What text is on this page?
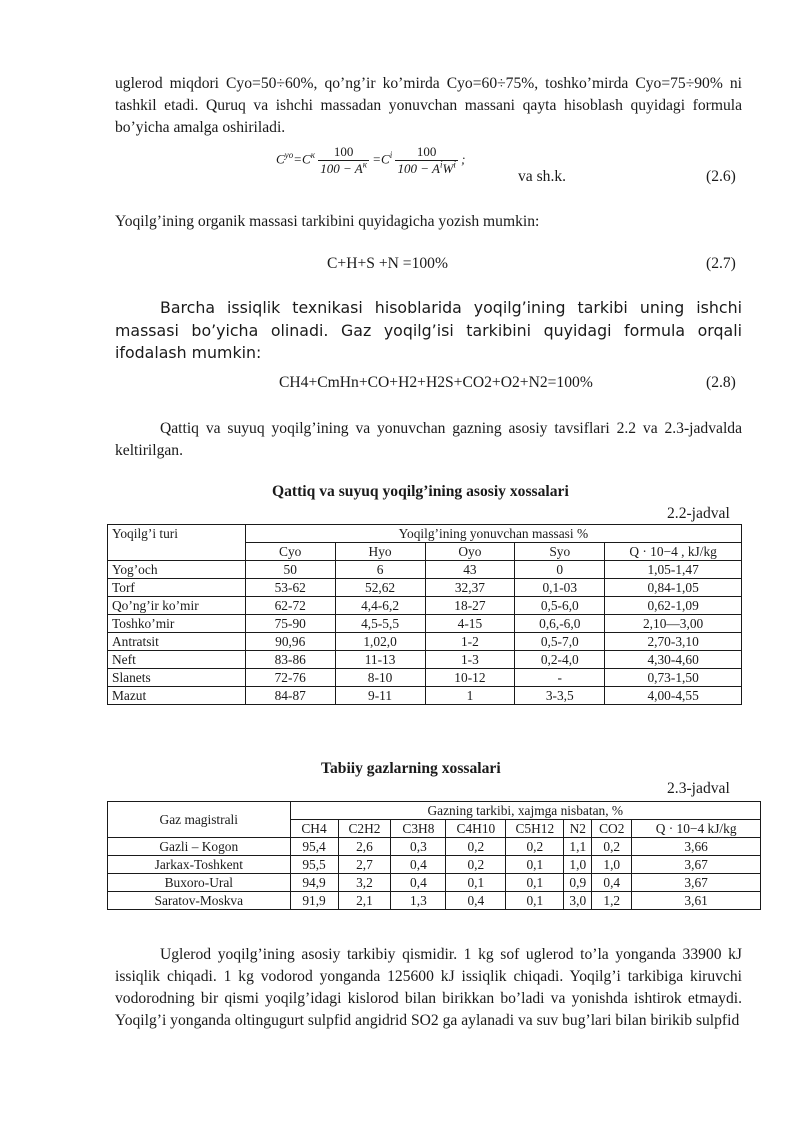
uglerod miqdori Cyo=50÷60%, qo’ng’ir ko’mirda Cyo=60÷75%, toshko’mirda Cyo=75÷90% ni tashkil etadi. Quruq va ishchi massadan yonuvchan massani qayta hisoblash quyidagi formula bo’yicha amalga oshiriladi.

$C^{yo}=C^к \frac{100}{100 - A^к} =C^i \frac{100}{100 - A^iW^i}$ ;
va sh.k.	(2.6)

Yoqilg’ining organik massasi tarkibini quyidagicha yozish mumkin:

C+H+S +N =100%	(2.7)

Barcha issiqlik texnikasi hisoblarida yoqilg’ining tarkibi uning ishchi massasi bo’yicha olinadi. Gaz yoqilg’isi tarkibini quyidagi formula orqali ifodalash mumkin:

CH4+CmHn+CO+H2+H2S+CO2+O2+N2=100%	(2.8)

Qattiq va suyuq yoqilg’ining va yonuvchan gazning asosiy tavsiflari 2.2 va 2.3-jadvalda keltirilgan.

Qattiq va suyuq yoqilg’ining asosiy xossalari
2.2-jadval
Yoqilg’i turi	Yoqilg’ining yonuvchan massasi %				
	Cyo	Hyo	Oyo	Syo	Q · 10−4 , kJ/kg
Yog’och	50	6	43	0	1,05-1,47
Torf	53-62	52,62	32,37	0,1-03	0,84-1,05
Qo’ng’ir ko’mir	62-72	4,4-6,2	18-27	0,5-6,0	0,62-1,09
Toshko’mir	75-90	4,5-5,5	4-15	0,6,-6,0	2,10—3,00
Antratsit	90,96	1,02,0	1-2	0,5-7,0	2,70-3,10
Neft	83-86	11-13	1-3	0,2-4,0	4,30-4,60
Slanets	72-76	8-10	10-12	-	0,73-1,50
Mazut	84-87	9-11	1	3-3,5	4,00-4,55
Tabiiy gazlarning xossalari
2.3-jadval
Gaz magistrali	Gazning tarkibi, xajmga nisbatan, %							
	CH4	C2H2	C3H8	C4H10	C5H12	N2	CO2	Q · 10−4 kJ/kg
Gazli – Kogon	95,4	2,6	0,3	0,2	0,2	1,1	0,2	3,66
Jarkax-Toshkent	95,5	2,7	0,4	0,2	0,1	1,0	1,0	3,67
Buxoro-Ural	94,9	3,2	0,4	0,1	0,1	0,9	0,4	3,67
Saratov-Moskva	91,9	2,1	1,3	0,4	0,1	3,0	1,2	3,61

Uglerod yoqilg’ining asosiy tarkibiy qismidir. 1 kg sof uglerod to’la yonganda 33900 kJ issiqlik chiqadi. 1 kg vodorod yonganda 125600 kJ issiqlik chiqadi. Yoqilg’i tarkibiga kiruvchi vodorodning bir qismi yoqilg’idagi kislorod bilan birikkan bo’ladi va yonishda ishtirok etmaydi. Yoqilg’i yonganda oltingugurt sulpfid angidrid SO2 ga aylanadi va suv bug’lari bilan birikib sulpfid
